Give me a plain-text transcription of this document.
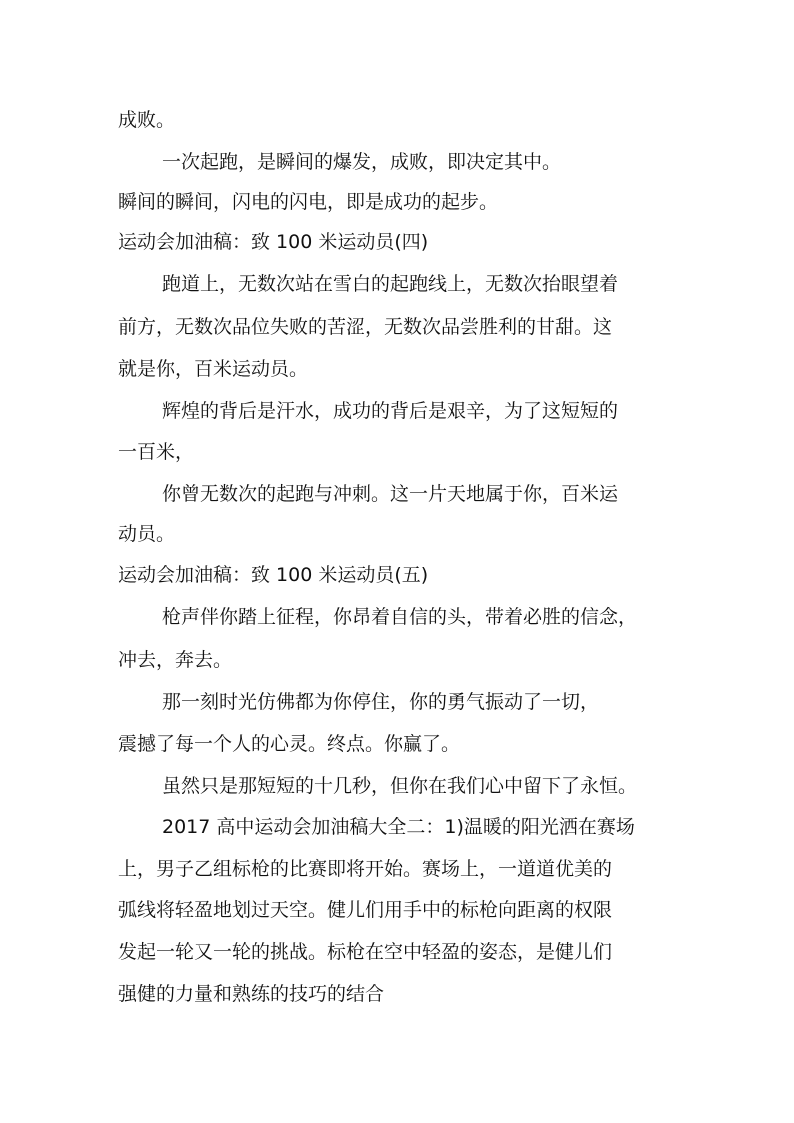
成败。
一次起跑，是瞬间的爆发，成败，即决定其中。
瞬间的瞬间，闪电的闪电，即是成功的起步。
运动会加油稿：致 100 米运动员(四)
跑道上，无数次站在雪白的起跑线上，无数次抬眼望着
前方，无数次品位失败的苦涩，无数次品尝胜利的甘甜。这
就是你，百米运动员。
辉煌的背后是汗水，成功的背后是艰辛，为了这短短的
一百米，
你曾无数次的起跑与冲刺。这一片天地属于你，百米运
动员。
运动会加油稿：致 100 米运动员(五)
枪声伴你踏上征程，你昂着自信的头，带着必胜的信念，
冲去，奔去。
那一刻时光仿佛都为你停住，你的勇气振动了一切，
震撼了每一个人的心灵。终点。你赢了。
虽然只是那短短的十几秒，但你在我们心中留下了永恒。
2017 高中运动会加油稿大全二：1)温暖的阳光洒在赛场
上，男子乙组标枪的比赛即将开始。赛场上，一道道优美的
弧线将轻盈地划过天空。健儿们用手中的标枪向距离的权限
发起一轮又一轮的挑战。标枪在空中轻盈的姿态，是健儿们
强健的力量和熟练的技巧的结合
